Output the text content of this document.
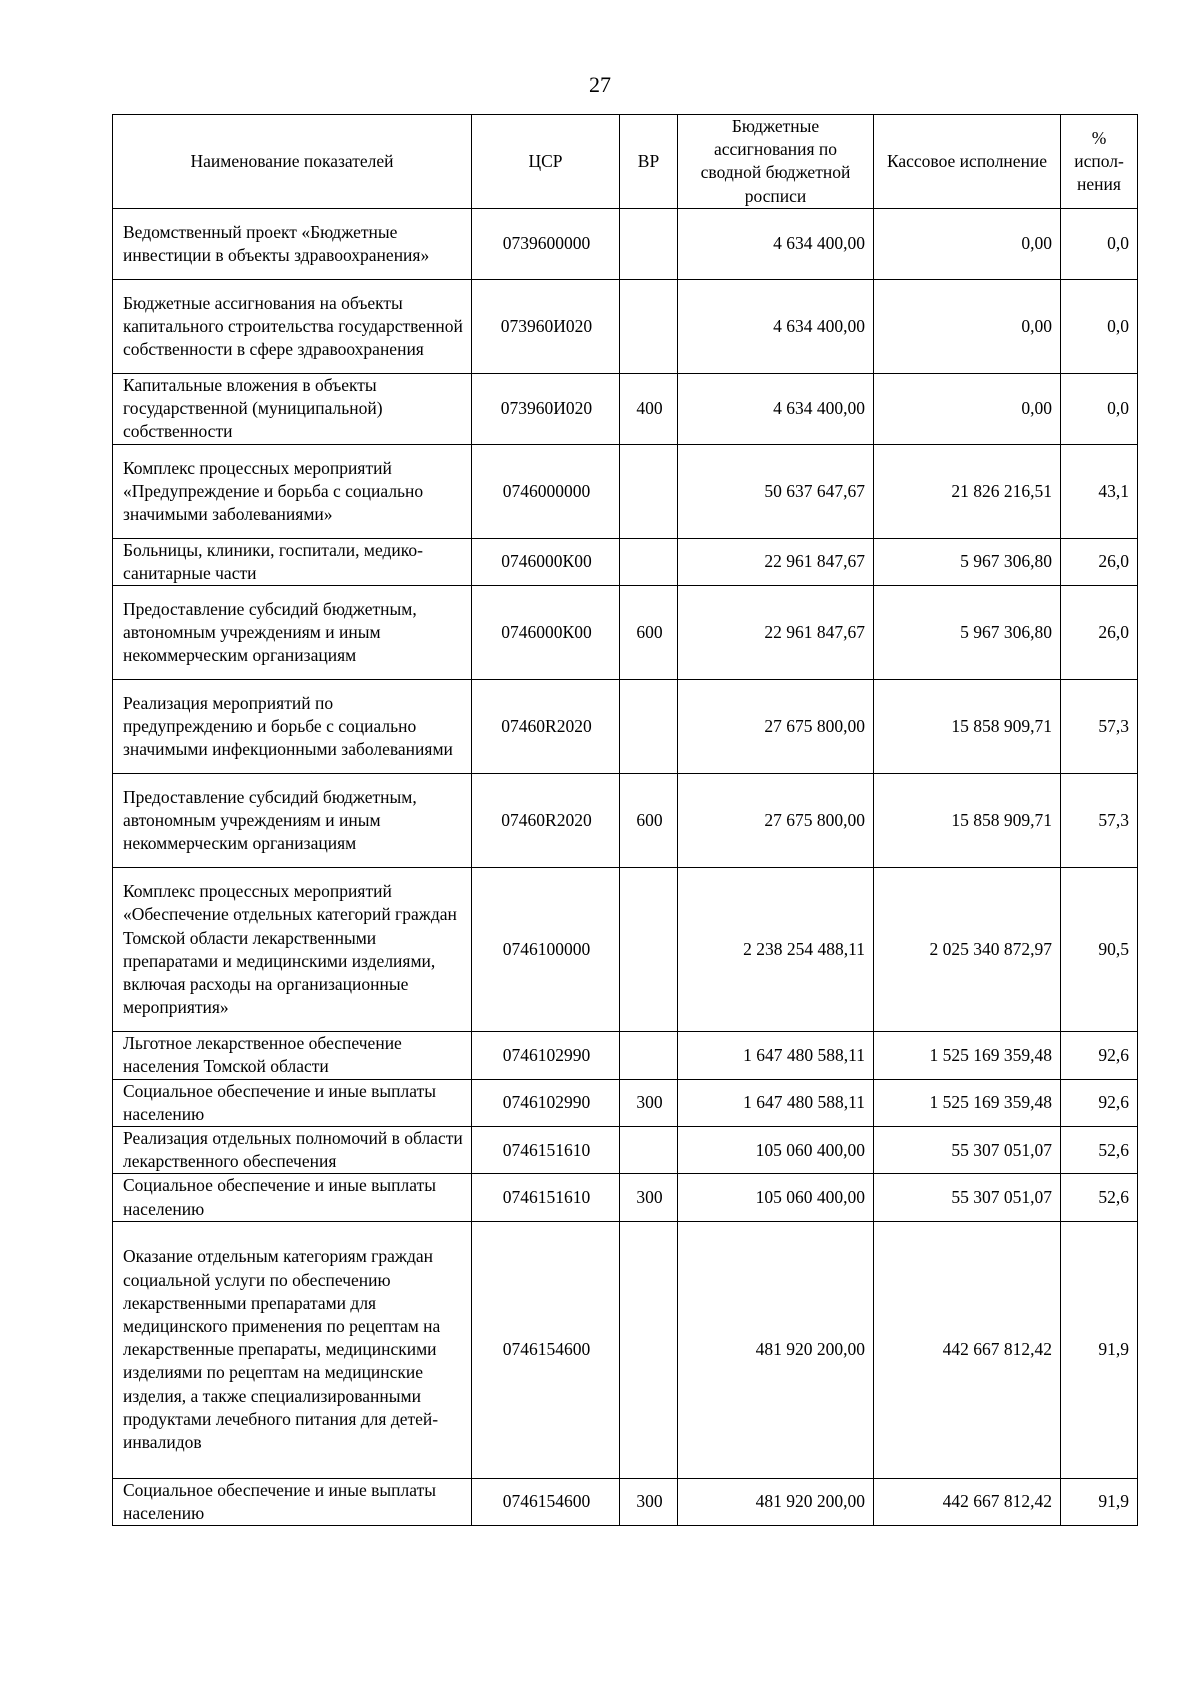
27
Наименование показателей	ЦСР	ВР	Бюджетные ассигнования по сводной бюджетной росписи	Кассовое исполнение	% испол-нения
Ведомственный проект «Бюджетные инвестиции в объекты здравоохранения»	0739600000		4 634 400,00	0,00	0,0
Бюджетные ассигнования на объекты капитального строительства государственной собственности в сфере здравоохранения	073960И020		4 634 400,00	0,00	0,0
Капитальные вложения в объекты государственной (муниципальной) собственности	073960И020	400	4 634 400,00	0,00	0,0
Комплекс процессных мероприятий «Предупреждение и борьба с социально значимыми заболеваниями»	0746000000		50 637 647,67	21 826 216,51	43,1
Больницы, клиники, госпитали, медико-санитарные части	0746000К00		22 961 847,67	5 967 306,80	26,0
Предоставление субсидий бюджетным, автономным учреждениям и иным некоммерческим организациям	0746000К00	600	22 961 847,67	5 967 306,80	26,0
Реализация мероприятий по предупреждению и борьбе с социально значимыми инфекционными заболеваниями	07460R2020		27 675 800,00	15 858 909,71	57,3
Предоставление субсидий бюджетным, автономным учреждениям и иным некоммерческим организациям	07460R2020	600	27 675 800,00	15 858 909,71	57,3
Комплекс процессных мероприятий «Обеспечение отдельных категорий граждан Томской области лекарственными препаратами и медицинскими изделиями, включая расходы на организационные мероприятия»	0746100000		2 238 254 488,11	2 025 340 872,97	90,5
Льготное лекарственное обеспечение населения Томской области	0746102990		1 647 480 588,11	1 525 169 359,48	92,6
Социальное обеспечение и иные выплаты населению	0746102990	300	1 647 480 588,11	1 525 169 359,48	92,6
Реализация отдельных полномочий в области лекарственного обеспечения	0746151610		105 060 400,00	55 307 051,07	52,6
Социальное обеспечение и иные выплаты населению	0746151610	300	105 060 400,00	55 307 051,07	52,6
Оказание отдельным категориям граждан социальной услуги по обеспечению лекарственными препаратами для медицинского применения по рецептам на лекарственные препараты, медицинскими изделиями по рецептам на медицинские изделия, а также специализированными продуктами лечебного питания для детей-инвалидов	0746154600		481 920 200,00	442 667 812,42	91,9
Социальное обеспечение и иные выплаты населению	0746154600	300	481 920 200,00	442 667 812,42	91,9
